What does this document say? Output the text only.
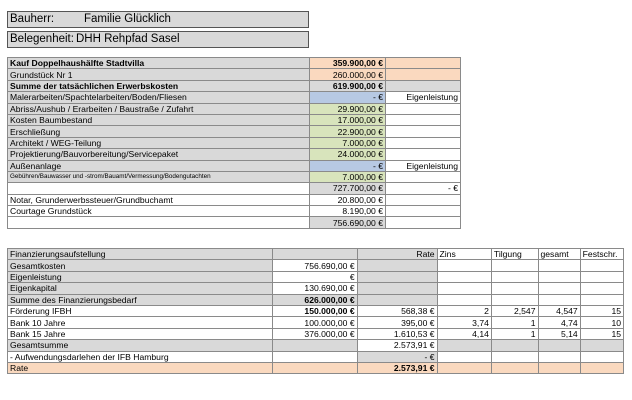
Bauherr:	Familie Glücklich
Belegenheit: DHH Rehpfad Sasel
Kauf Doppelhaushälfte Stadtvilla	359.900,00 €	
Grundstück Nr 1	260.000,00 €	
Summe der tatsächlichen Erwerbskosten	619.900,00 €	
Malerarbeiten/Spachtelarbeiten/Boden/Fliesen	- €	Eigenleistung
Abriss/Aushub / Erarbeiten / Baustraße / Zufahrt	29.900,00 €	
Kosten Baumbestand	17.000,00 €	
Erschließung	22.900,00 €	
Architekt / WEG-Teilung	7.000,00 €	
Projektierung/Bauvorbereitung/Servicepaket	24.000,00 €	
Außenanlage	- €	Eigenleistung
Gebühren/Bauwasser und -strom/Bauamt/Vermessung/Bodengutachten	7.000,00 €	
	727.700,00 €	- €
Notar, Grunderwerbssteuer/Grundbuchamt	20.800,00 €	
Courtage Grundstück	8.190,00 €	
	756.690,00 €	
Finanzierungsaufstellung		Rate	Zins	Tilgung	gesamt	Festschr.
Gesamtkosten	756.690,00 €					
Eigenleistung	€					
Eigenkapital	130.690,00 €					
Summe des Finanzierungsbedarf	626.000,00 €					
Förderung IFBH	150.000,00 €	568,38 €	2	2,547	4,547	15
Bank 10 Jahre	100.000,00 €	395,00 €	3,74	1	4,74	10
Bank 15 Jahre	376.000,00 €	1.610,53 €	4,14	1	5,14	15
Gesamtsumme		2.573,91 €				
- Aufwendungsdarlehen der IFB Hamburg		- €				
Rate		2.573,91 €				
